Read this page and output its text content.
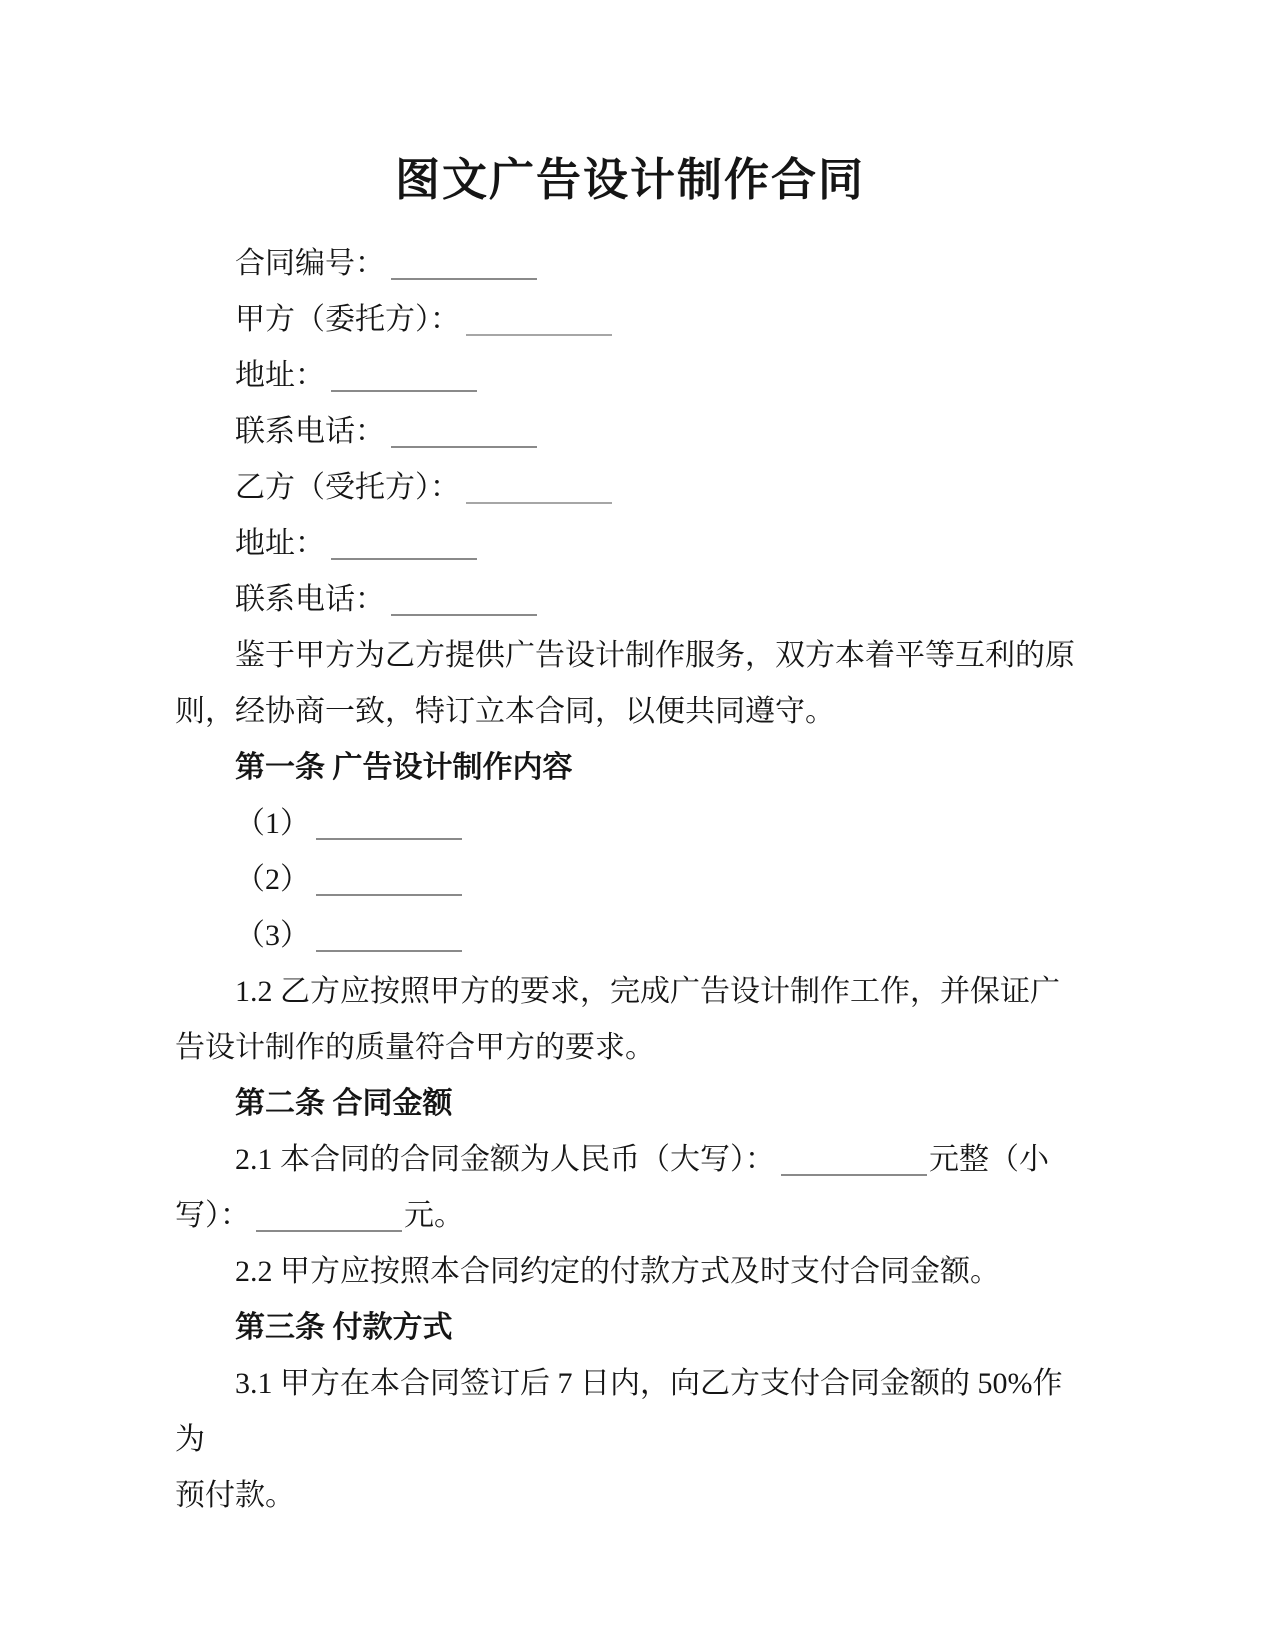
图文广告设计制作合同

合同编号：

甲方（委托方）：

地址：

联系电话：

乙方（受托方）：

地址：

联系电话：

鉴于甲方为乙方提供广告设计制作服务，双方本着平等互利的原

则，经协商一致，特订立本合同，以便共同遵守。

第一条 广告设计制作内容

（1）

（2）

（3）

1.2 乙方应按照甲方的要求，完成广告设计制作工作，并保证广

告设计制作的质量符合甲方的要求。

第二条 合同金额

2.1 本合同的合同金额为人民币（大写）：	元整（小

写）：	元。

2.2 甲方应按照本合同约定的付款方式及时支付合同金额。

第三条 付款方式

3.1 甲方在本合同签订后 7 日内，向乙方支付合同金额的 50%作为

预付款。
